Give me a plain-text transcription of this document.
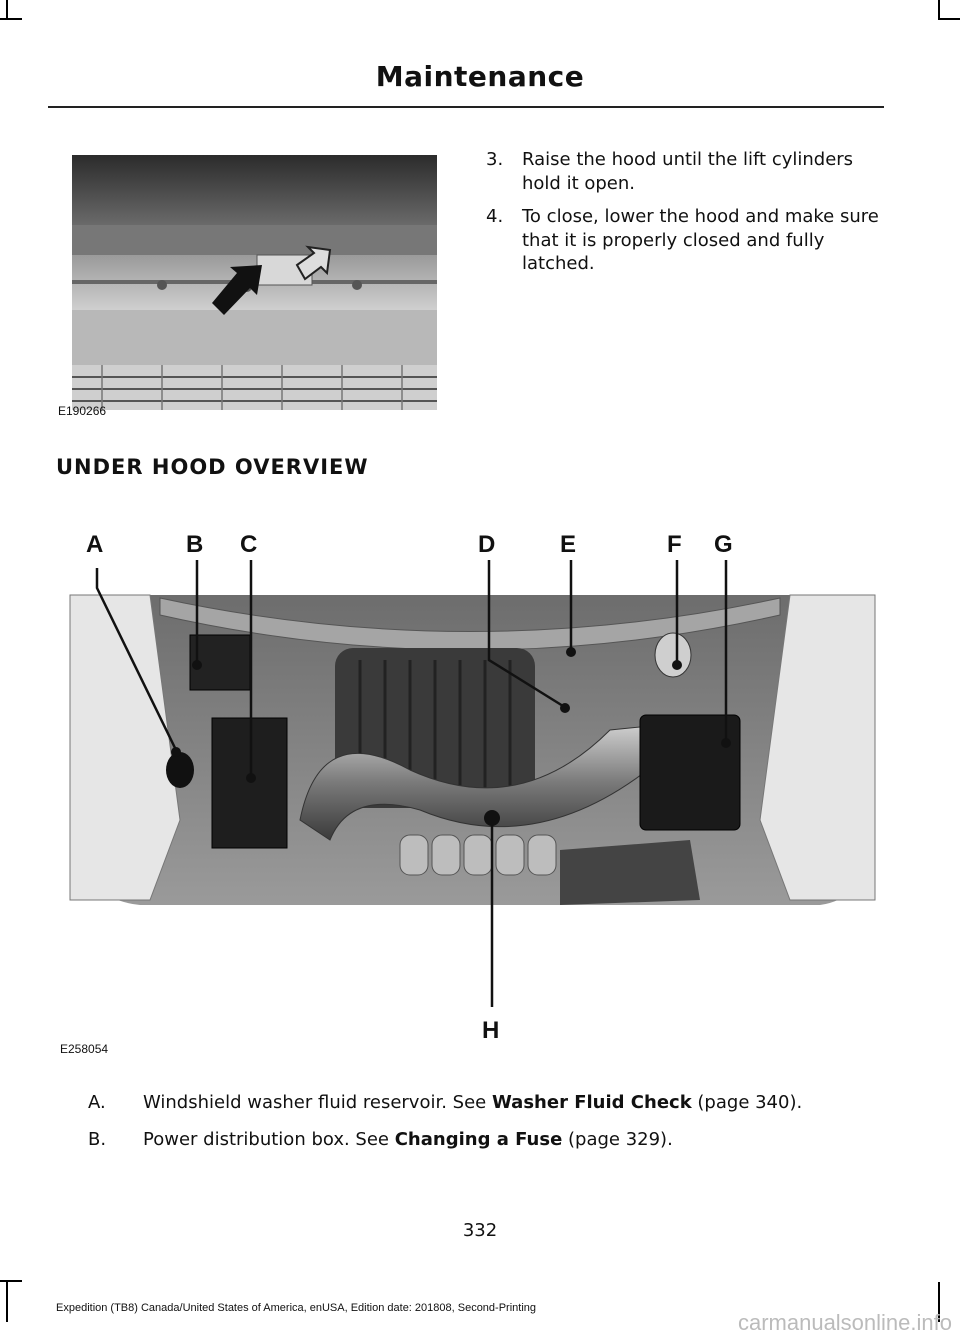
Maintenance
E190266
3.	Raise the hood until the lift cylinders hold it open.
4.	To close, lower the hood and make sure that it is properly closed and fully latched.
UNDER HOOD OVERVIEW
A	B C	D	E	F G
H
E258054
A.	Windshield washer fluid reservoir. See Washer Fluid Check (page 340).
B.	Power distribution box. See Changing a Fuse (page 329).
332
Expedition (TB8) Canada/United States of America, enUSA, Edition date: 201808, Second-Printing
carmanualsonline.info
